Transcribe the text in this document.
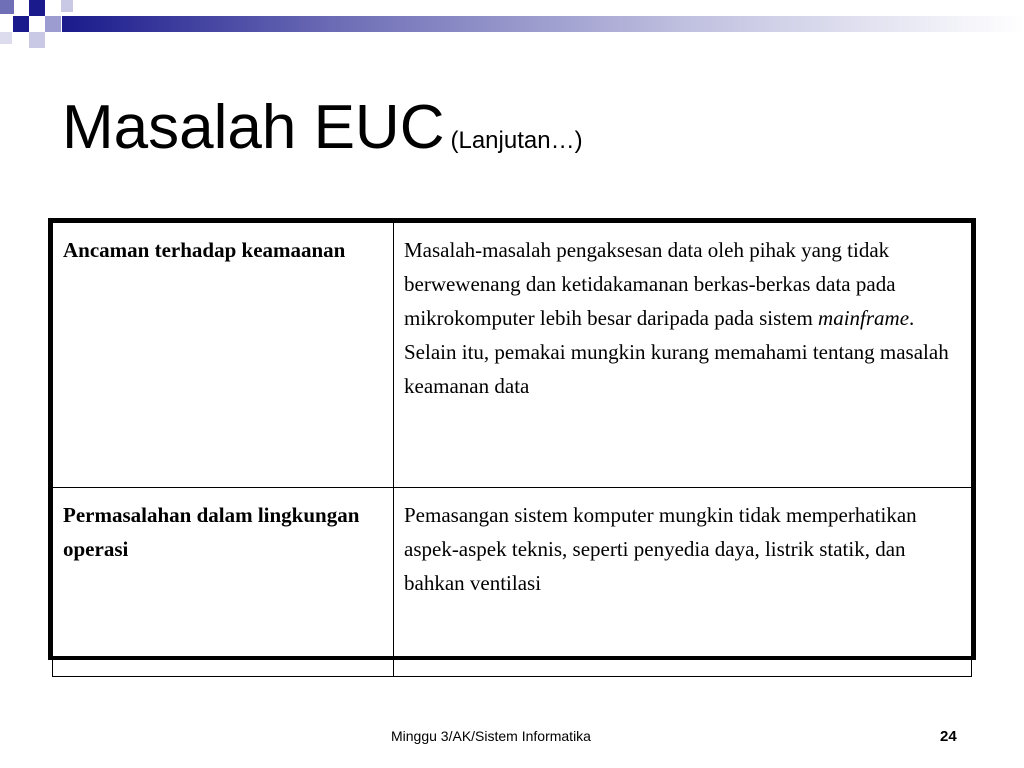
Masalah EUC (Lanjutan…)
Ancaman terhadap keamaanan	Masalah-masalah pengaksesan data oleh pihak yang tidak berwewenang dan ketidakamanan berkas-berkas data pada mikrokomputer lebih besar daripada pada sistem mainframe. Selain itu, pemakai mungkin kurang memahami tentang masalah keamanan data
Permasalahan dalam lingkungan operasi	Pemasangan sistem komputer mungkin tidak memperhatikan aspek-aspek teknis, seperti penyedia daya, listrik statik, dan bahkan ventilasi
Minggu 3/AK/Sistem Informatika	24
